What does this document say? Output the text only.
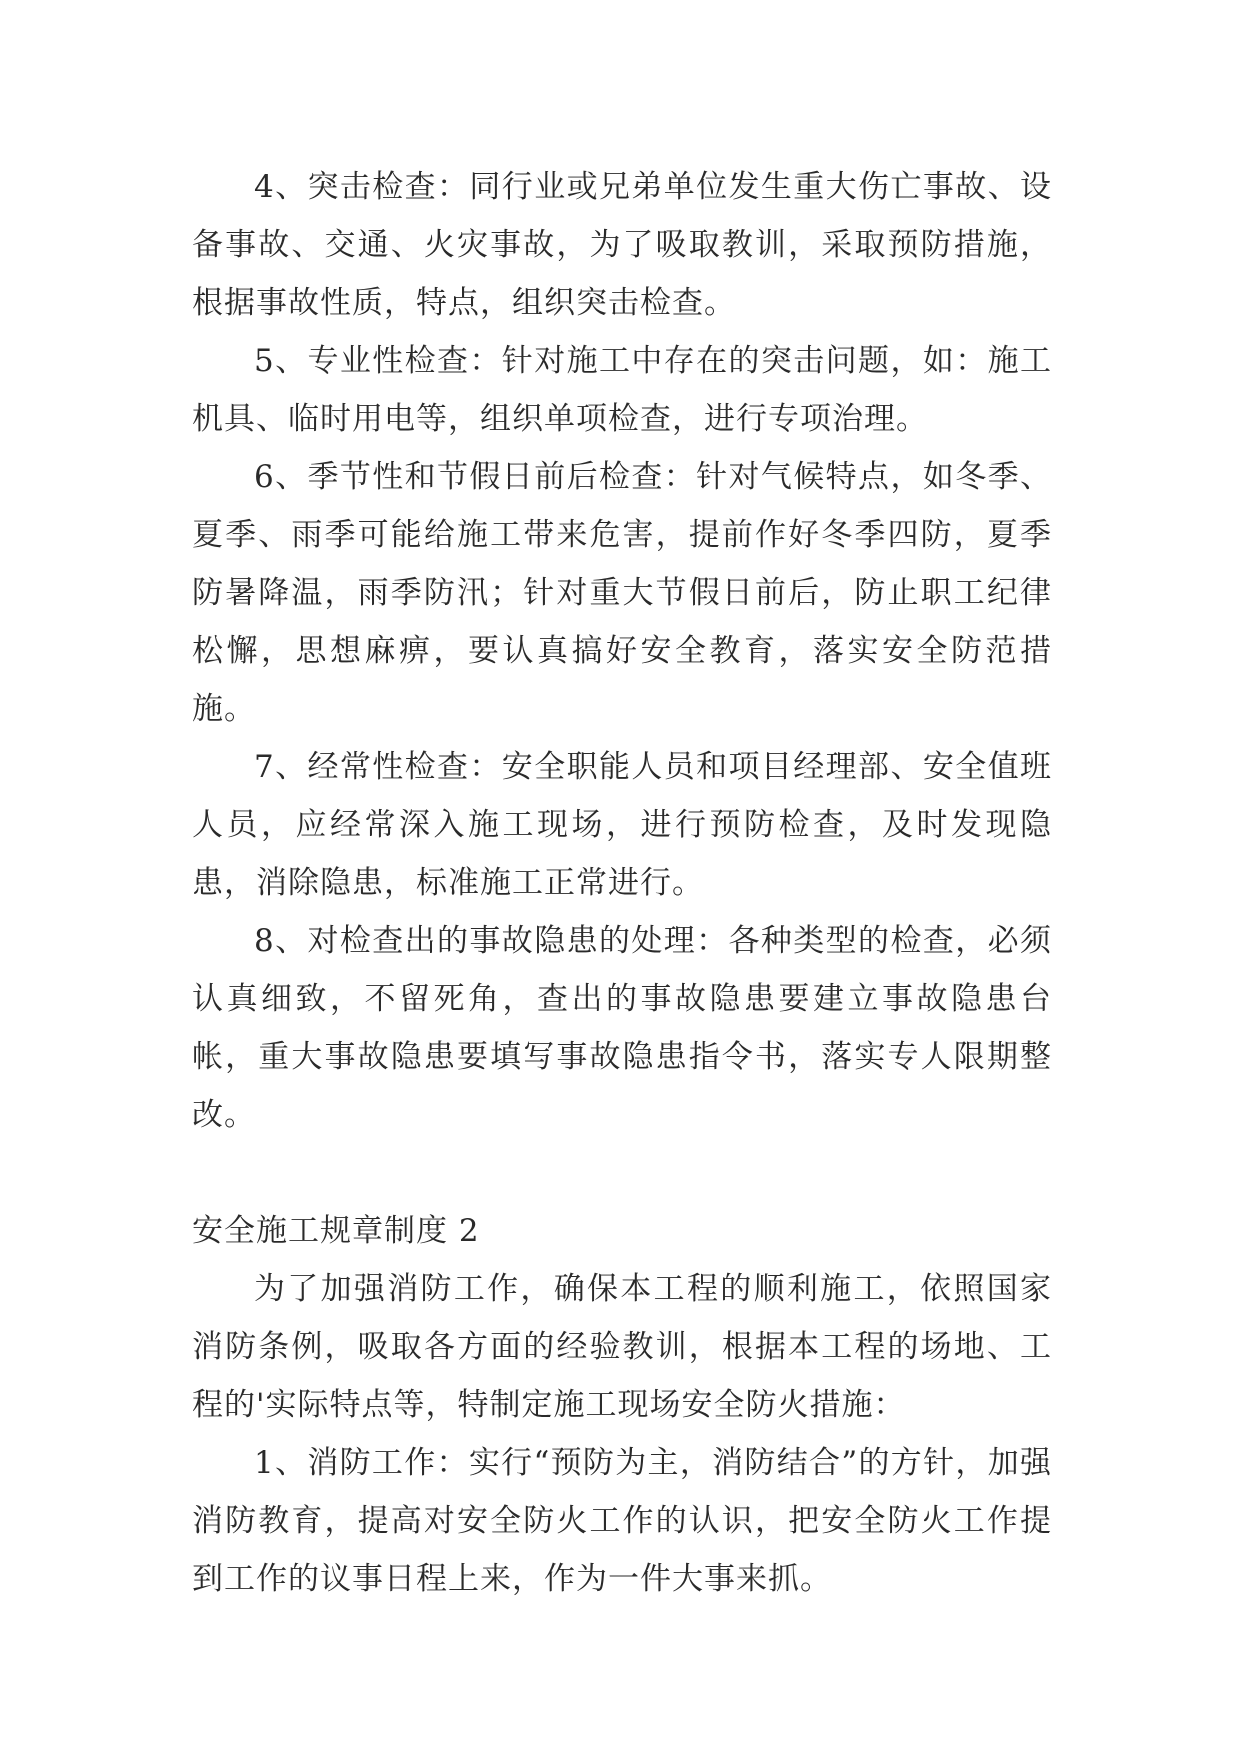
4、突击检查：同行业或兄弟单位发生重大伤亡事故、设备事故、交通、火灾事故，为了吸取教训，采取预防措施，根据事故性质，特点，组织突击检查。

5、专业性检查：针对施工中存在的突击问题，如：施工机具、临时用电等，组织单项检查，进行专项治理。

6、季节性和节假日前后检查：针对气候特点，如冬季、夏季、雨季可能给施工带来危害，提前作好冬季四防，夏季防暑降温，雨季防汛；针对重大节假日前后，防止职工纪律松懈，思想麻痹，要认真搞好安全教育，落实安全防范措施。

7、经常性检查：安全职能人员和项目经理部、安全值班人员，应经常深入施工现场，进行预防检查，及时发现隐患，消除隐患，标准施工正常进行。

8、对检查出的事故隐患的处理：各种类型的检查，必须认真细致，不留死角，查出的事故隐患要建立事故隐患台帐，重大事故隐患要填写事故隐患指令书，落实专人限期整改。

安全施工规章制度 2

为了加强消防工作，确保本工程的顺利施工，依照国家消防条例，吸取各方面的经验教训，根据本工程的场地、工程的'实际特点等，特制定施工现场安全防火措施：

1、消防工作：实行“预防为主，消防结合”的方针，加强消防教育，提高对安全防火工作的认识，把安全防火工作提到工作的议事日程上来，作为一件大事来抓。
